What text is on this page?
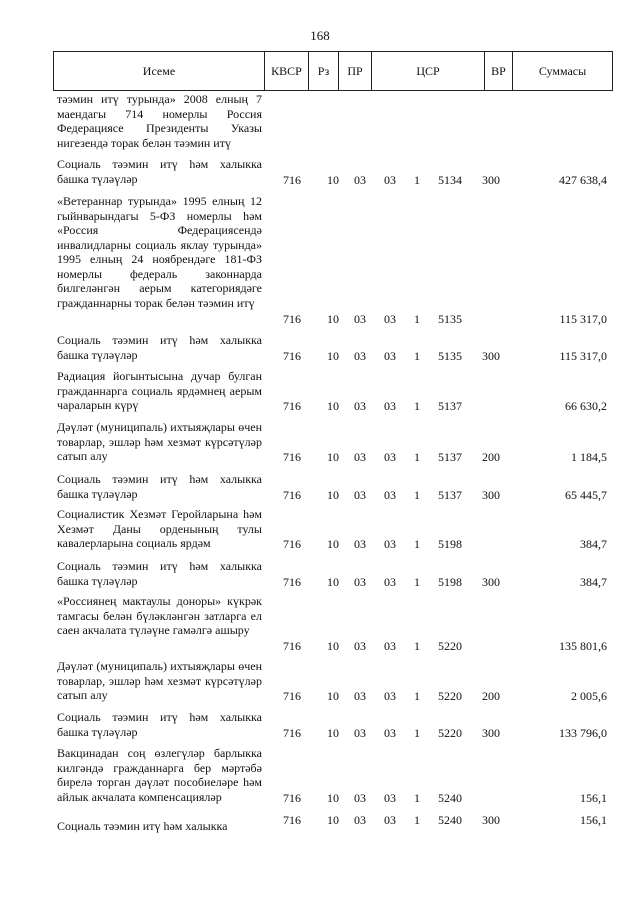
168
Исеме	КВСР	Рз	ПР	ЦСР	ВР	Суммасы
тәэмин итү турында» 2008 елның 7 маендагы 714 номерлы Россия Федерациясе Президенты Указы нигезендә торак белән тәэмин итү
Социаль тәэмин итү һәм халыкка башка түләүләр	716 10 03 03 1 5134 300	427 638,4
«Ветераннар турында» 1995 елның 12 гыйнварындагы 5-ФЗ номерлы һәм «Россия Федерациясендә инвалидларны социаль яклау турында» 1995 елның 24 ноябрендәге 181-ФЗ номерлы федераль законнарда билгеләнгән аерым категориядәге гражданнарны торак белән тәэмин итү
716 10 03 03 1 5135	115 317,0
Социаль тәэмин итү һәм халыкка башка түләүләр	716 10 03 03 1 5135 300	115 317,0
Радиация йогынтысына дучар булган гражданнарга социаль ярдәмнең аерым чараларын күрү	716 10 03 03 1 5137	66 630,2
Дәүләт (муниципаль) ихтыяҗлары өчен товарлар, эшләр һәм хезмәт күрсәтүләр сатып алу	716 10 03 03 1 5137 200	1 184,5
Социаль тәэмин итү һәм халыкка башка түләүләр	716 10 03 03 1 5137 300	65 445,7
Социалистик Хезмәт Геройларына һәм Хезмәт Даны орденының тулы кавалерларына социаль ярдәм	716 10 03 03 1 5198	384,7
Социаль тәэмин итү һәм халыкка башка түләүләр	716 10 03 03 1 5198 300	384,7
«Россиянең мактаулы доноры» күкрәк тамгасы белән бүләкләнгән затларга ел саен акчалата түләүне гамәлгә ашыру
716 10 03 03 1 5220	135 801,6
Дәүләт (муниципаль) ихтыяҗлары өчен товарлар, эшләр һәм хезмәт күрсәтүләр сатып алу	716 10 03 03 1 5220 200	2 005,6
Социаль тәэмин итү һәм халыкка башка түләүләр	716 10 03 03 1 5220 300	133 796,0
Вакцинадан соң өзлегүләр барлыкка килгәндә гражданнарга бер мәртәбә бирелә торган дәүләт пособиеләре һәм айлык акчалата компенсацияләр	716 10 03 03 1 5240	156,1
Социаль тәэмин итү һәм халыкка	716 10 03 03 1 5240 300	156,1
